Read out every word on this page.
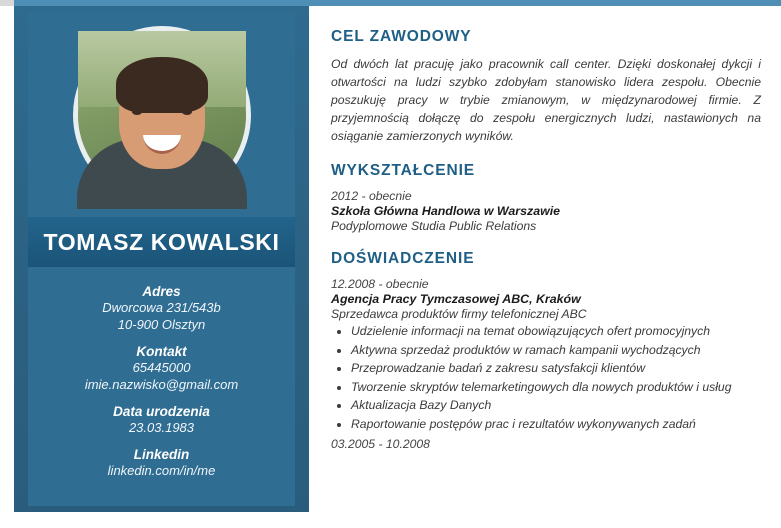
TOMASZ KOWALSKI
Adres
Dworcowa 231/543b
10-900 Olsztyn
Kontakt
65445000
imie.nazwisko@gmail.com
Data urodzenia
23.03.1983
Linkedin
linkedin.com/in/me
PROGRAMY
CEL ZAWODOWY

Od dwóch lat pracuję jako pracownik call center. Dzięki doskonałej dykcji i otwartości na ludzi szybko zdobyłam stanowisko lidera zespołu. Obecnie poszukuję pracy w trybie zmianowym, w międzynarodowej firmie. Z przyjemnością dołączę do zespołu energicznych ludzi, nastawionych na osiąganie zamierzonych wyników.

WYKSZTAŁCENIE
2012 - obecnie
Szkoła Główna Handlowa w Warszawie
Podyplomowe Studia Public Relations
DOŚWIADCZENIE
12.2008 - obecnie
Agencja Pracy Tymczasowej ABC, Kraków
Sprzedawca produktów firmy telefonicznej ABC
• Udzielenie informacji na temat obowiązujących ofert promocyjnych
• Aktywna sprzedaż produktów w ramach kampanii wychodzących
• Przeprowadzanie badań z zakresu satysfakcji klientów
• Tworzenie skryptów telemarketingowych dla nowych produktów i usług
• Aktualizacja Bazy Danych
• Raportowanie postępów prac i rezultatów wykonywanych zadań
03.2005 - 10.2008
